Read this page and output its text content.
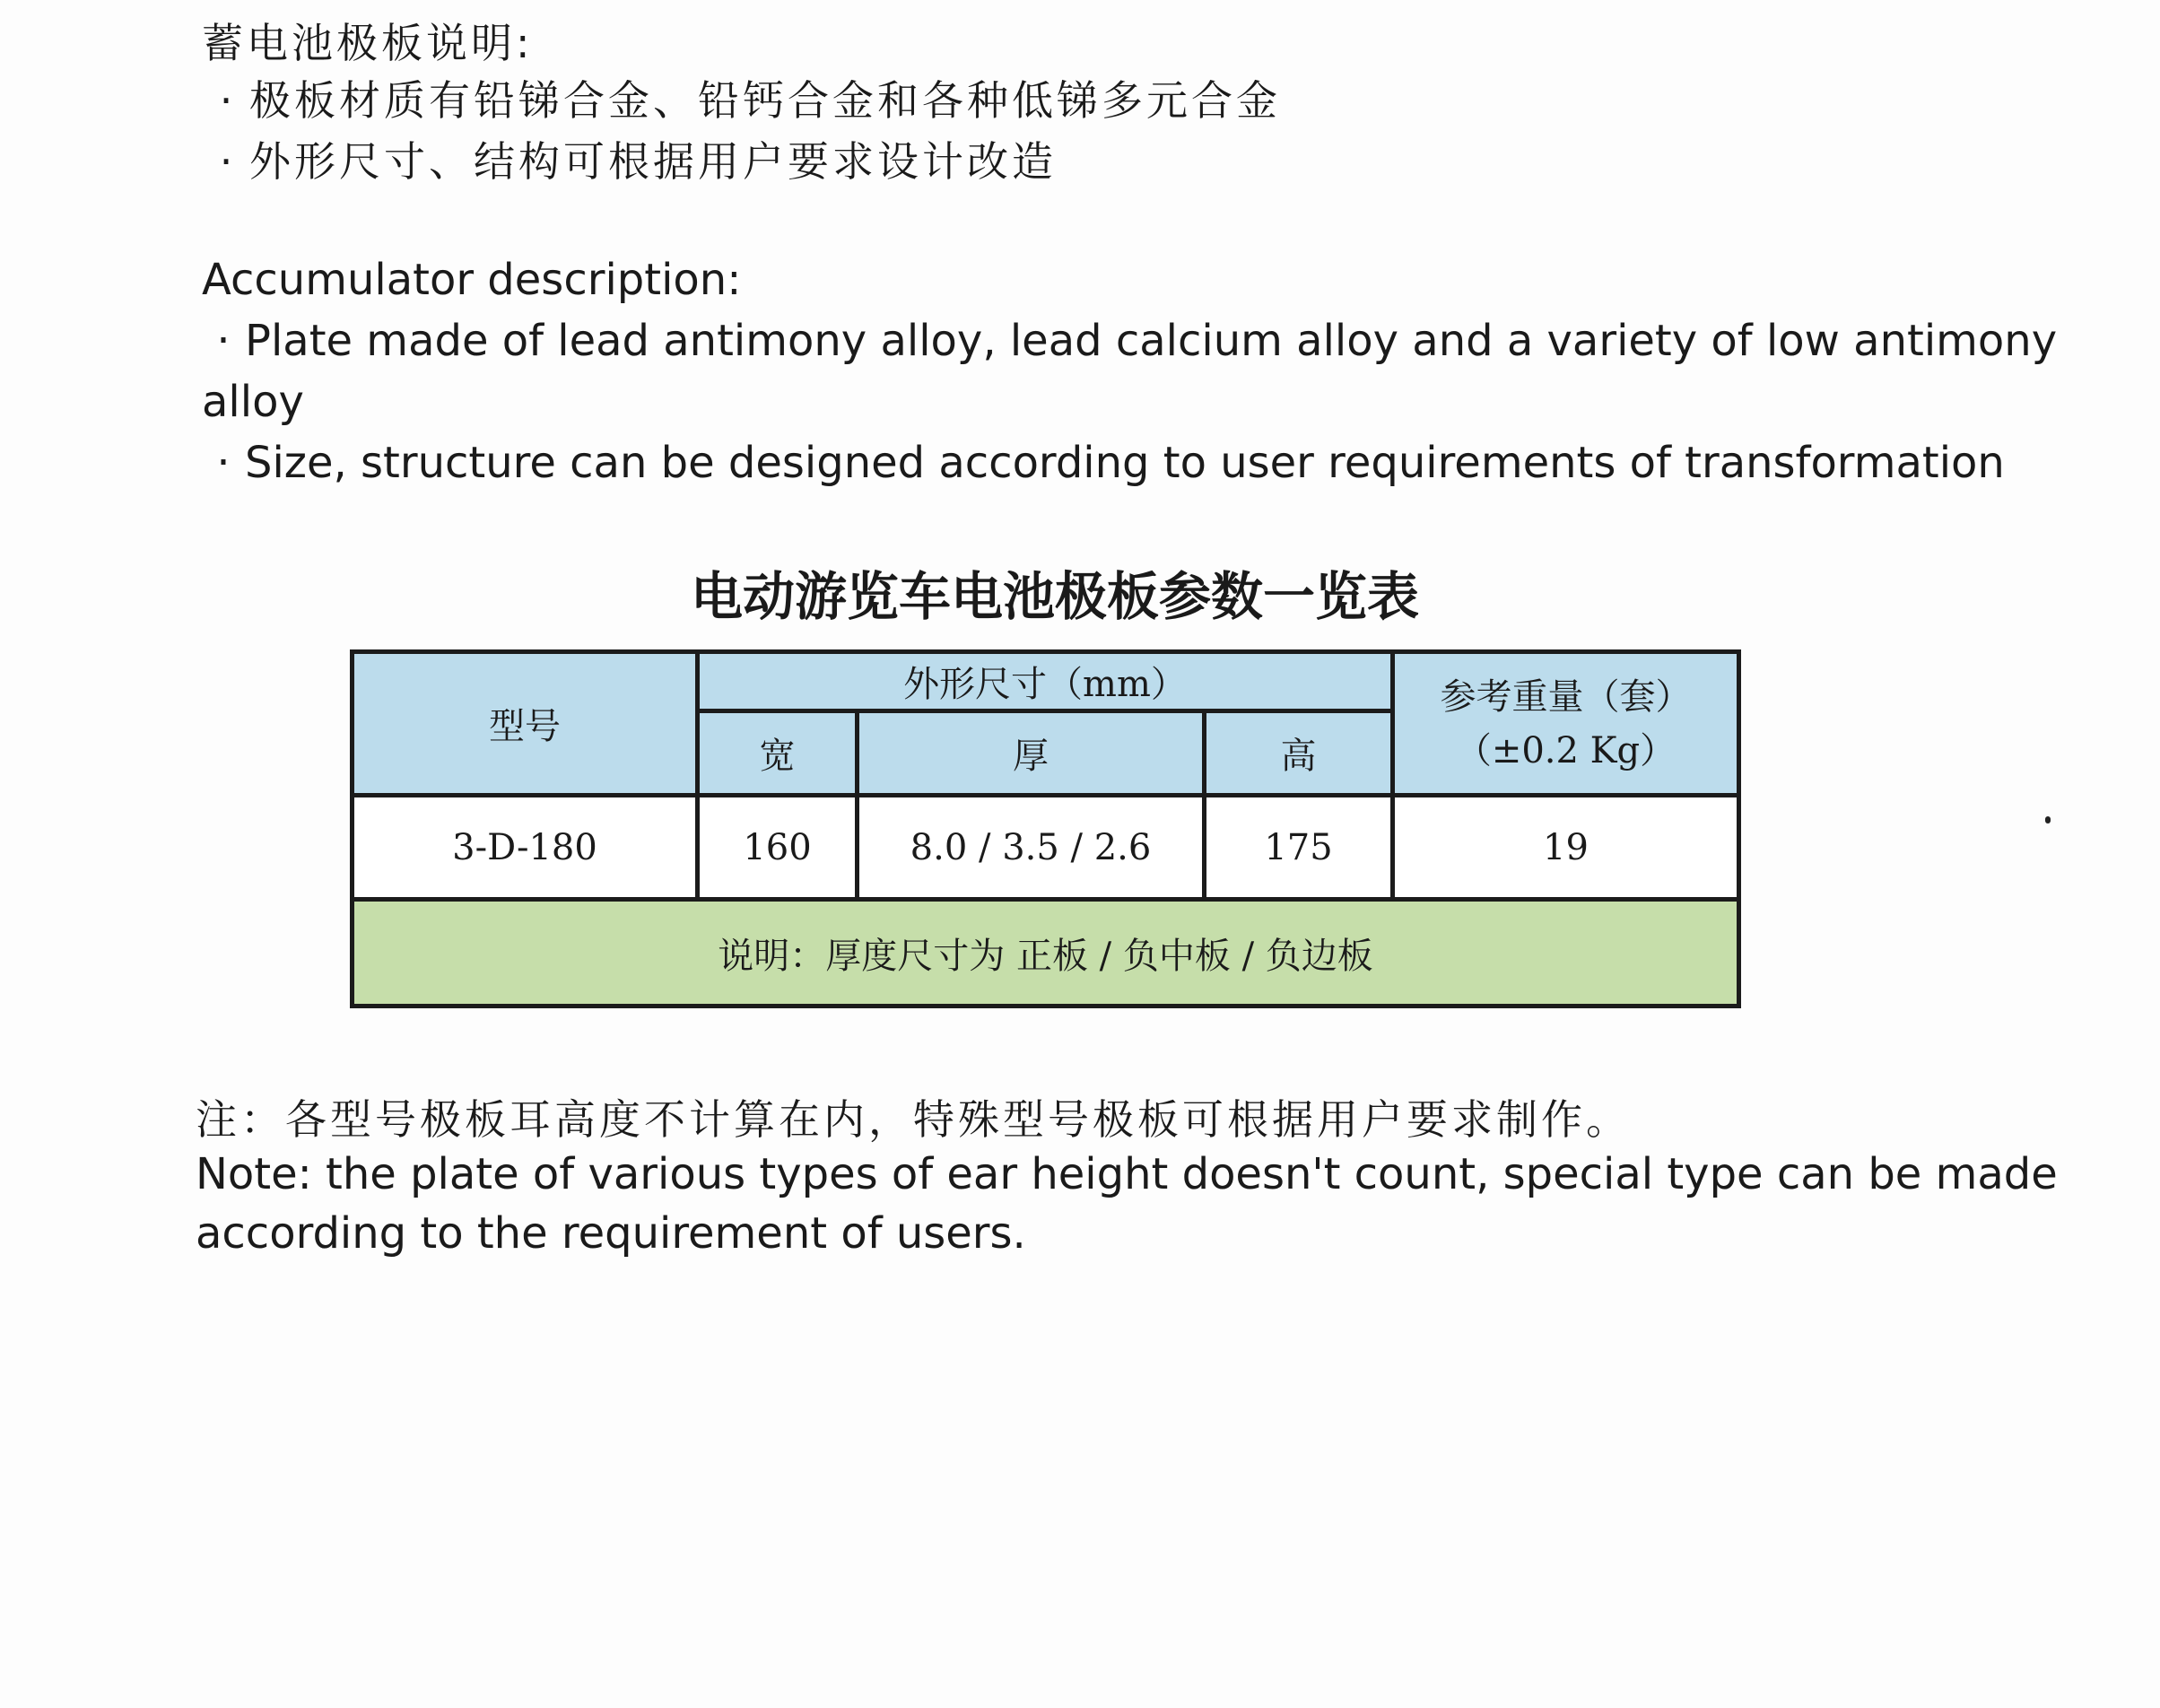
蓄电池极板说明:
· 极板材质有铅锑合金、铅钙合金和各种低锑多元合金
· 外形尺寸、结构可根据用户要求设计改造
Accumulator description:
· Plate made of lead antimony alloy, lead calcium alloy and a variety of low antimony alloy
· Size, structure can be designed according to user requirements of transformation
电动游览车电池极板参数一览表
型号	外形尺寸（mm）			参考重量（套）
（±0.2 Kg）

	宽	厚	高	
3-D-180	160	8.0 / 3.5 / 2.6	175	19
说明：厚度尺寸为 正板 / 负中板 / 负边板				

注：各型号极板耳高度不计算在内，特殊型号极板可根据用户要求制作。

Note: the plate of various types of ear height doesn't count, special type can be made according to the requirement of users.
